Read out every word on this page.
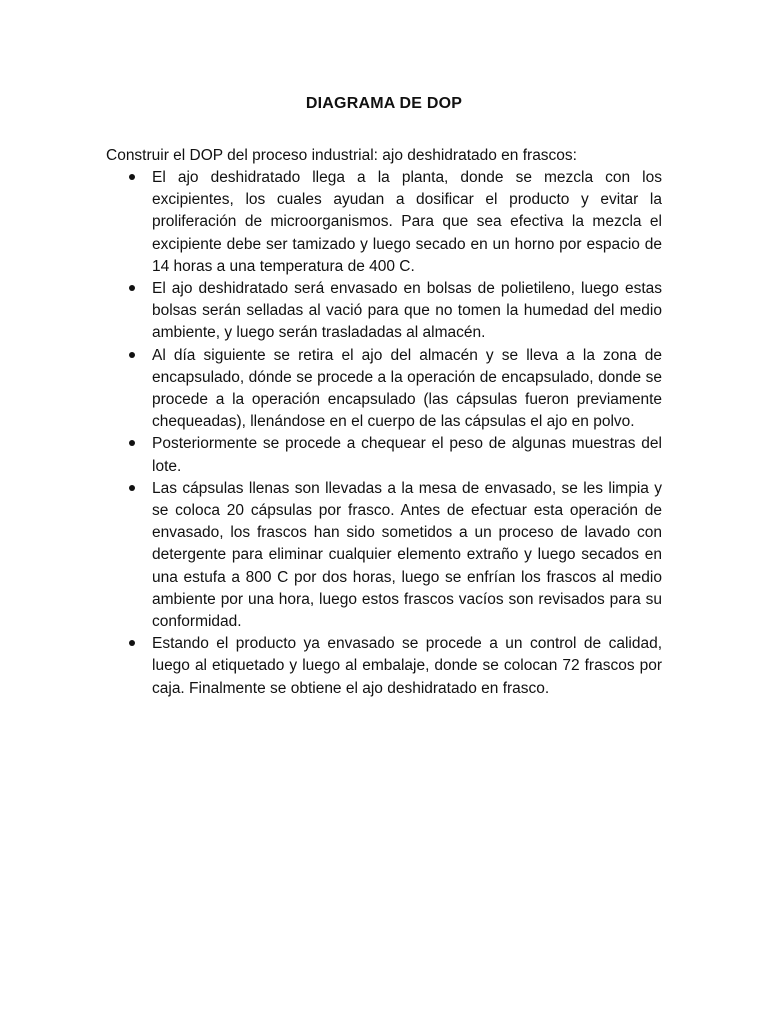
DIAGRAMA DE DOP
Construir el DOP del proceso industrial: ajo deshidratado en frascos:
El ajo deshidratado llega a la planta, donde se mezcla con los excipientes, los cuales ayudan a dosificar el producto y evitar la proliferación de microorganismos. Para que sea efectiva la mezcla el excipiente debe ser tamizado y luego secado en un horno por espacio de 14 horas a una temperatura de 400 C.
El ajo deshidratado será envasado en bolsas de polietileno, luego estas bolsas serán selladas al vació para que no tomen la humedad del medio ambiente, y luego serán trasladadas al almacén.
Al día siguiente se retira el ajo del almacén y se lleva a la zona de encapsulado, dónde se procede a la operación de encapsulado, donde se procede a la operación encapsulado (las cápsulas fueron previamente chequeadas), llenándose en el cuerpo de las cápsulas el ajo en polvo.
Posteriormente se procede a chequear el peso de algunas muestras del lote.
Las cápsulas llenas son llevadas a la mesa de envasado, se les limpia y se coloca 20 cápsulas por frasco. Antes de efectuar esta operación de envasado, los frascos han sido sometidos a un proceso de lavado con detergente para eliminar cualquier elemento extraño y luego secados en una estufa a 800 C por dos horas, luego se enfrían los frascos al medio ambiente por una hora, luego estos frascos vacíos son revisados para su conformidad.
Estando el producto ya envasado se procede a un control de calidad, luego al etiquetado y luego al embalaje, donde se colocan 72 frascos por caja. Finalmente se obtiene el ajo deshidratado en frasco.
